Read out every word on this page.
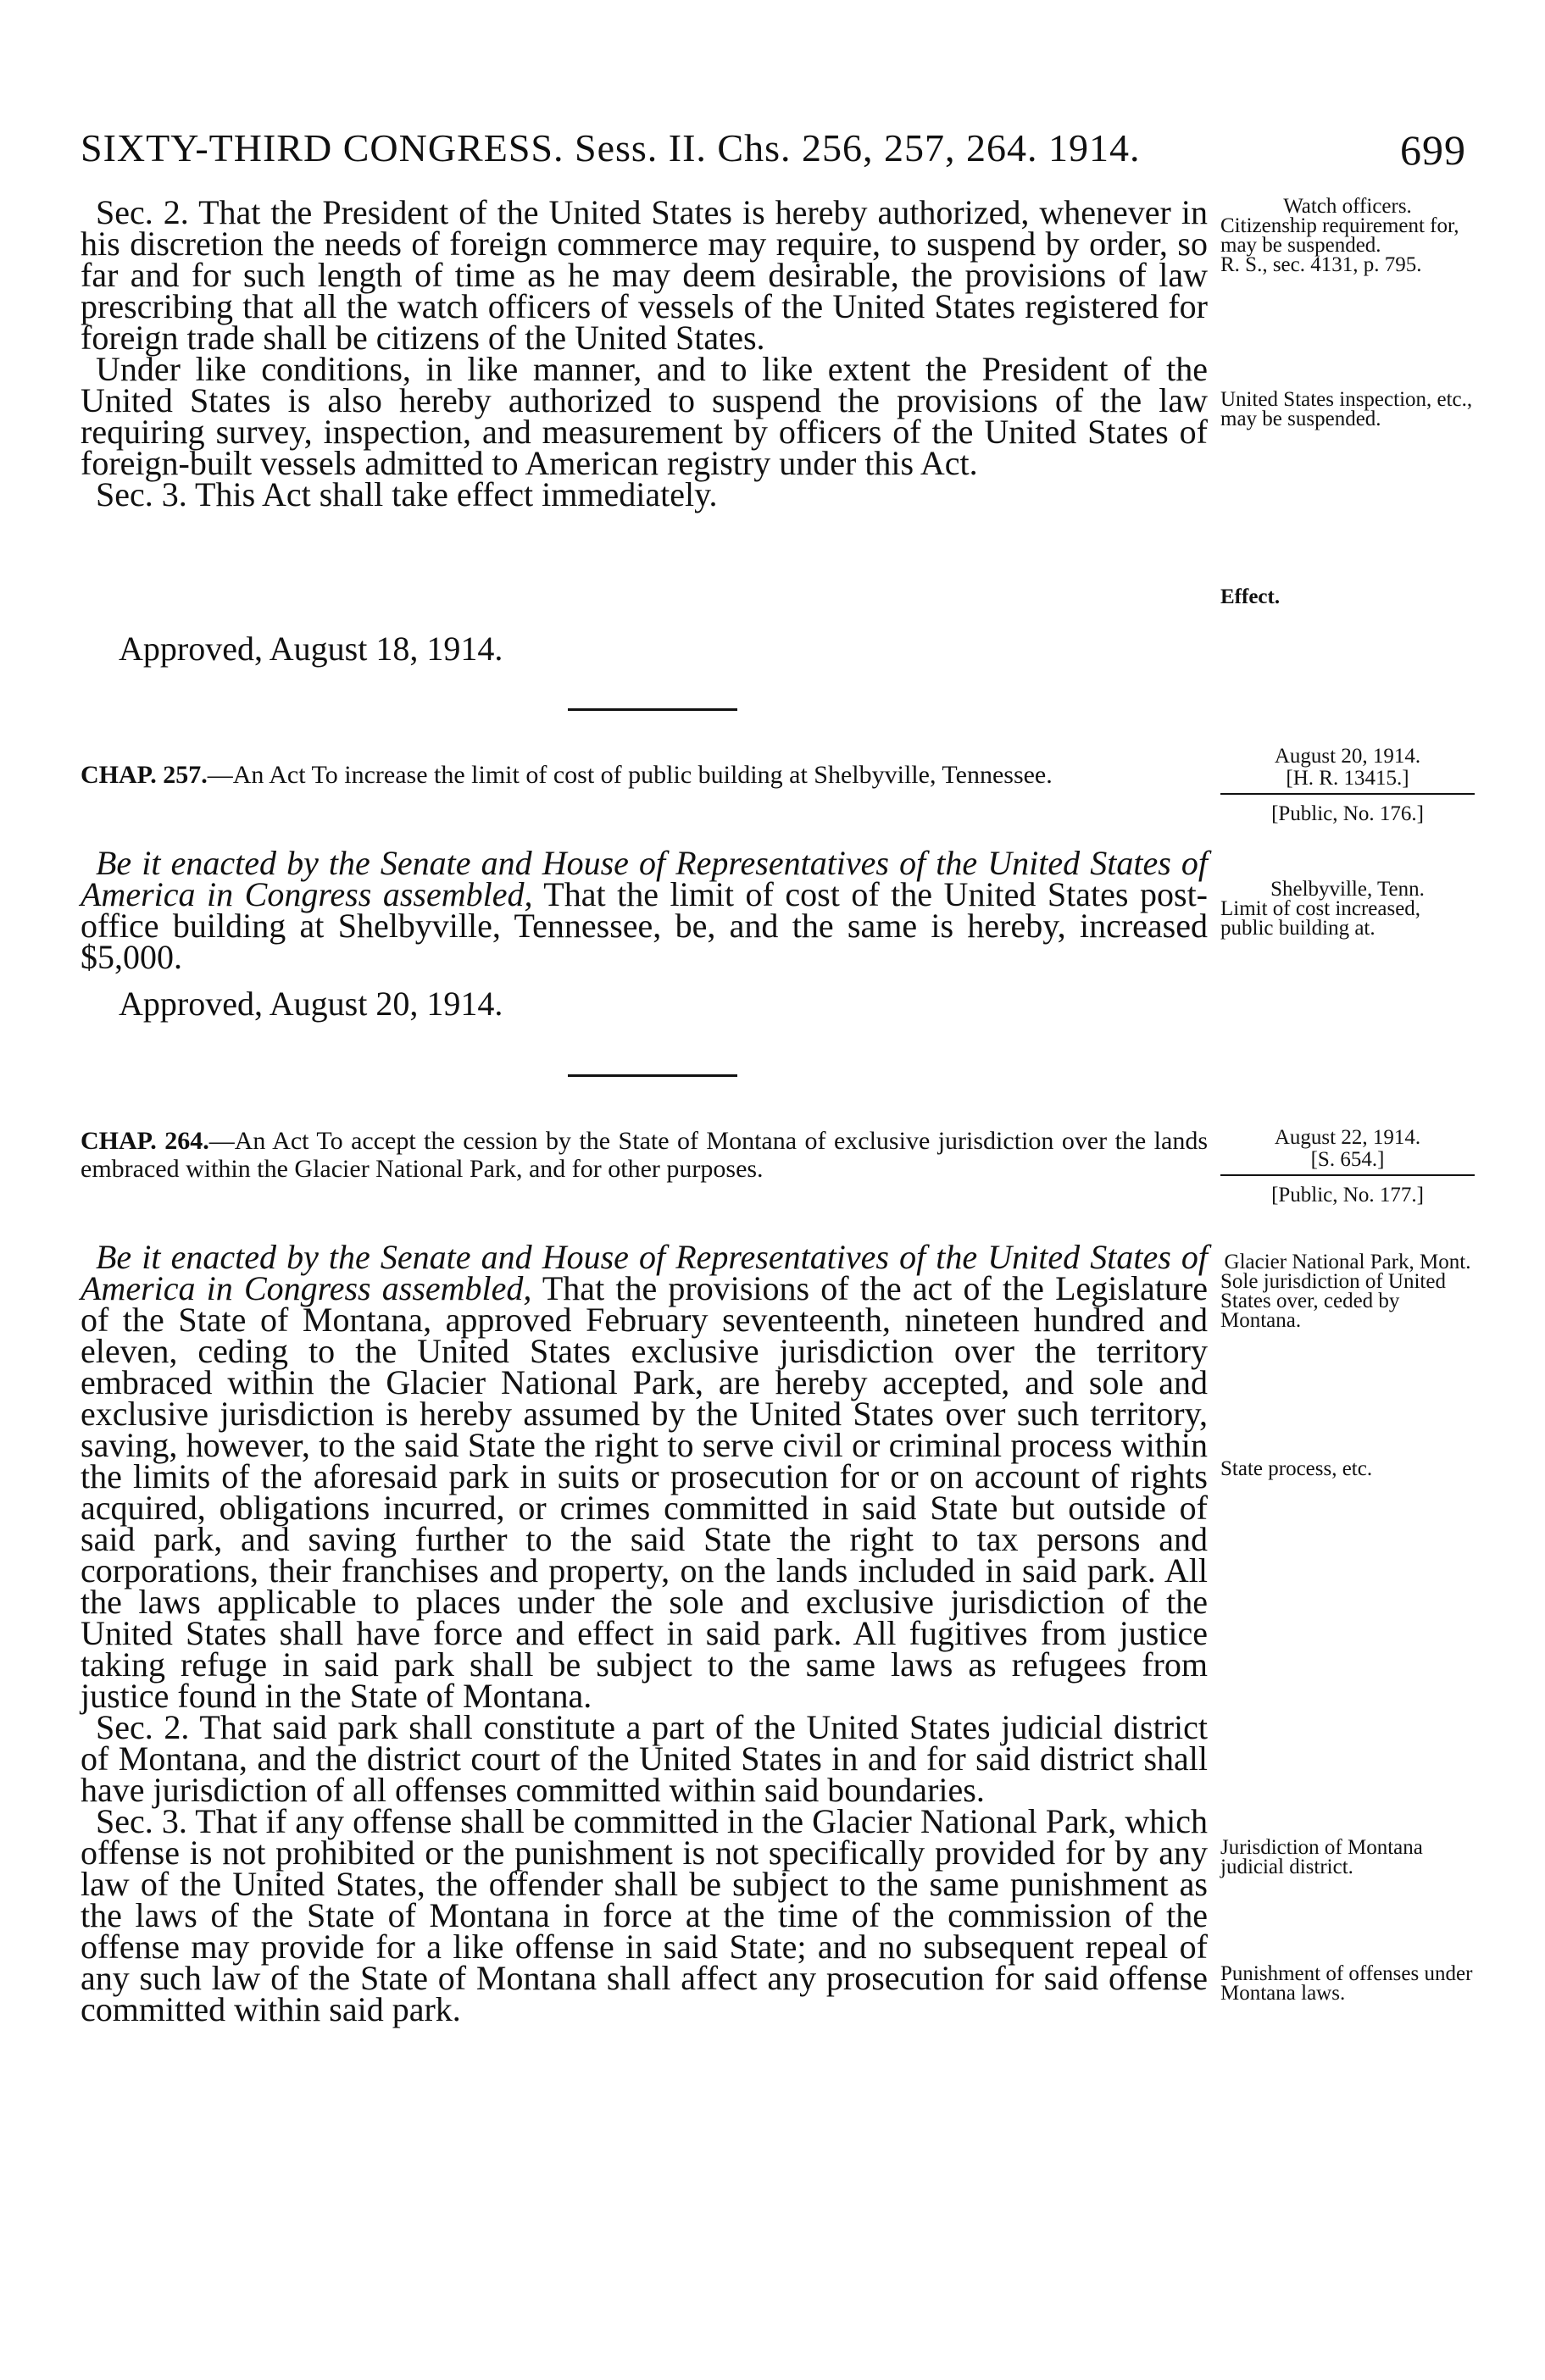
SIXTY-THIRD CONGRESS. Sess. II. Chs. 256, 257, 264. 1914.	699

Sec. 2. That the President of the United States is hereby authorized, whenever in his discretion the needs of foreign commerce may require, to suspend by order, so far and for such length of time as he may deem desirable, the provisions of law prescribing that all the watch officers of vessels of the United States registered for foreign trade shall be citizens of the United States.

Under like conditions, in like manner, and to like extent the President of the United States is also hereby authorized to suspend the provisions of the law requiring survey, inspection, and measurement by officers of the United States of foreign-built vessels admitted to American registry under this Act.

Sec. 3. This Act shall take effect immediately.

Approved, August 18, 1914.

Watch officers.

Citizenship requirement for, may be suspended.

R. S., sec. 4131, p. 795.

United States inspection, etc., may be suspended.
Effect.
CHAP. 257.—An Act To increase the limit of cost of public building at Shelbyville, Tennessee.
August 20, 1914.
[H. R. 13415.]
[Public, No. 176.]

Be it enacted by the Senate and House of Representatives of the United States of America in Congress assembled, That the limit of cost of the United States post-office building at Shelbyville, Tennessee, be, and the same is hereby, increased $5,000.

Approved, August 20, 1914.

Shelbyville, Tenn.

Limit of cost increased, public building at.

CHAP. 264.—An Act To accept the cession by the State of Montana of exclusive jurisdiction over the lands embraced within the Glacier National Park, and for other purposes.
August 22, 1914.
[S. 654.]
[Public, No. 177.]

Be it enacted by the Senate and House of Representatives of the United States of America in Congress assembled, That the provisions of the act of the Legislature of the State of Montana, approved February seventeenth, nineteen hundred and eleven, ceding to the United States exclusive jurisdiction over the territory embraced within the Glacier National Park, are hereby accepted, and sole and exclusive jurisdiction is hereby assumed by the United States over such territory, saving, however, to the said State the right to serve civil or criminal process within the limits of the aforesaid park in suits or prosecution for or on account of rights acquired, obligations incurred, or crimes committed in said State but outside of said park, and saving further to the said State the right to tax persons and corporations, their franchises and property, on the lands included in said park. All the laws applicable to places under the sole and exclusive jurisdiction of the United States shall have force and effect in said park. All fugitives from justice taking refuge in said park shall be subject to the same laws as refugees from justice found in the State of Montana.

Sec. 2. That said park shall constitute a part of the United States judicial district of Montana, and the district court of the United States in and for said district shall have jurisdiction of all offenses committed within said boundaries.

Sec. 3. That if any offense shall be committed in the Glacier National Park, which offense is not prohibited or the punishment is not specifically provided for by any law of the United States, the offender shall be subject to the same punishment as the laws of the State of Montana in force at the time of the commission of the offense may provide for a like offense in said State; and no subsequent repeal of any such law of the State of Montana shall affect any prosecution for said offense committed within said park.

Glacier National Park, Mont.

Sole jurisdiction of United States over, ceded by Montana.

State process, etc.
Jurisdiction of Montana judicial district.
Punishment of offenses under Montana laws.
